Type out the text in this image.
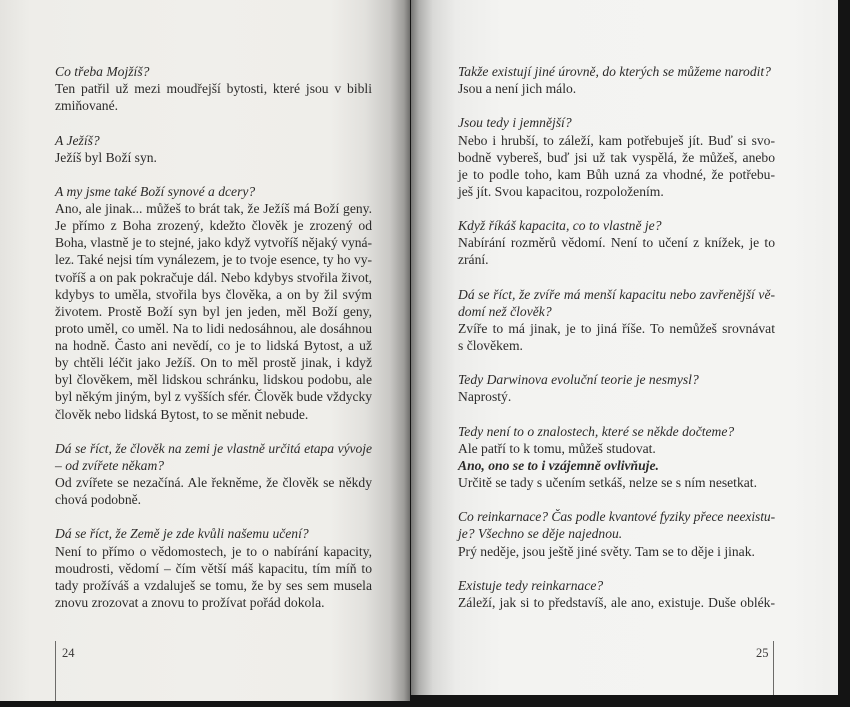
Co třeba Mojžíš?
Ten patřil už mezi moudřejší bytosti, které jsou v bibli
zmiňované.
A Ježíš?
Ježíš byl Boží syn.
A my jsme také Boží synové a dcery?
Ano, ale jinak... můžeš to brát tak, že Ježíš má Boží geny.
Je přímo z Boha zrozený, kdežto člověk je zrozený od
Boha, vlastně je to stejné, jako když vytvoříš nějaký vyná-
lez. Také nejsi tím vynálezem, je to tvoje esence, ty ho vy-
tvoříš a on pak pokračuje dál. Nebo kdybys stvořila život,
kdybys to uměla, stvořila bys člověka, a on by žil svým
životem. Prostě Boží syn byl jen jeden, měl Boží geny,
proto uměl, co uměl. Na to lidi nedosáhnou, ale dosáhnou
na hodně. Často ani nevědí, co je to lidská Bytost, a už
by chtěli léčit jako Ježíš. On to měl prostě jinak, i když
byl člověkem, měl lidskou schránku, lidskou podobu, ale
byl někým jiným, byl z vyšších sfér. Člověk bude vždycky
člověk nebo lidská Bytost, to se měnit nebude.
Dá se říct, že člověk na zemi je vlastně určitá etapa vývoje
– od zvířete někam?
Od zvířete se nezačíná. Ale řekněme, že člověk se někdy
chová podobně.
Dá se říct, že Země je zde kvůli našemu učení?
Není to přímo o vědomostech, je to o nabírání kapacity,
moudrosti, vědomí – čím větší máš kapacitu, tím míň to
tady prožíváš a vzdaluješ se tomu, že by ses sem musela
znovu zrozovat a znovu to prožívat pořád dokola.
24
Takže existují jiné úrovně, do kterých se můžeme narodit?
Jsou a není jich málo.
Jsou tedy i jemnější?
Nebo i hrubší, to záleží, kam potřebuješ jít. Buď si svo-
bodně vybereš, buď jsi už tak vyspělá, že můžeš, anebo
je to podle toho, kam Bůh uzná za vhodné, že potřebu-
ješ jít. Svou kapacitou, rozpoložením.
Když říkáš kapacita, co to vlastně je?
Nabírání rozměrů vědomí. Není to učení z knížek, je to
zrání.
Dá se říct, že zvíře má menší kapacitu nebo zavřenější vě-
domí než člověk?
Zvíře to má jinak, je to jiná říše. To nemůžeš srovnávat
s člověkem.
Tedy Darwinova evoluční teorie je nesmysl?
Naprostý.
Tedy není to o znalostech, které se někde dočteme?
Ale patří to k tomu, můžeš studovat.
Ano, ono se to i vzájemně ovlivňuje.
Určitě se tady s učením setkáš, nelze se s ním nesetkat.
Co reinkarnace? Čas podle kvantové fyziky přece neexistu-
je? Všechno se děje najednou.
Prý neděje, jsou ještě jiné světy. Tam se to děje i jinak.
Existuje tedy reinkarnace?
Záleží, jak si to představíš, ale ano, existuje. Duše oblék-
25
